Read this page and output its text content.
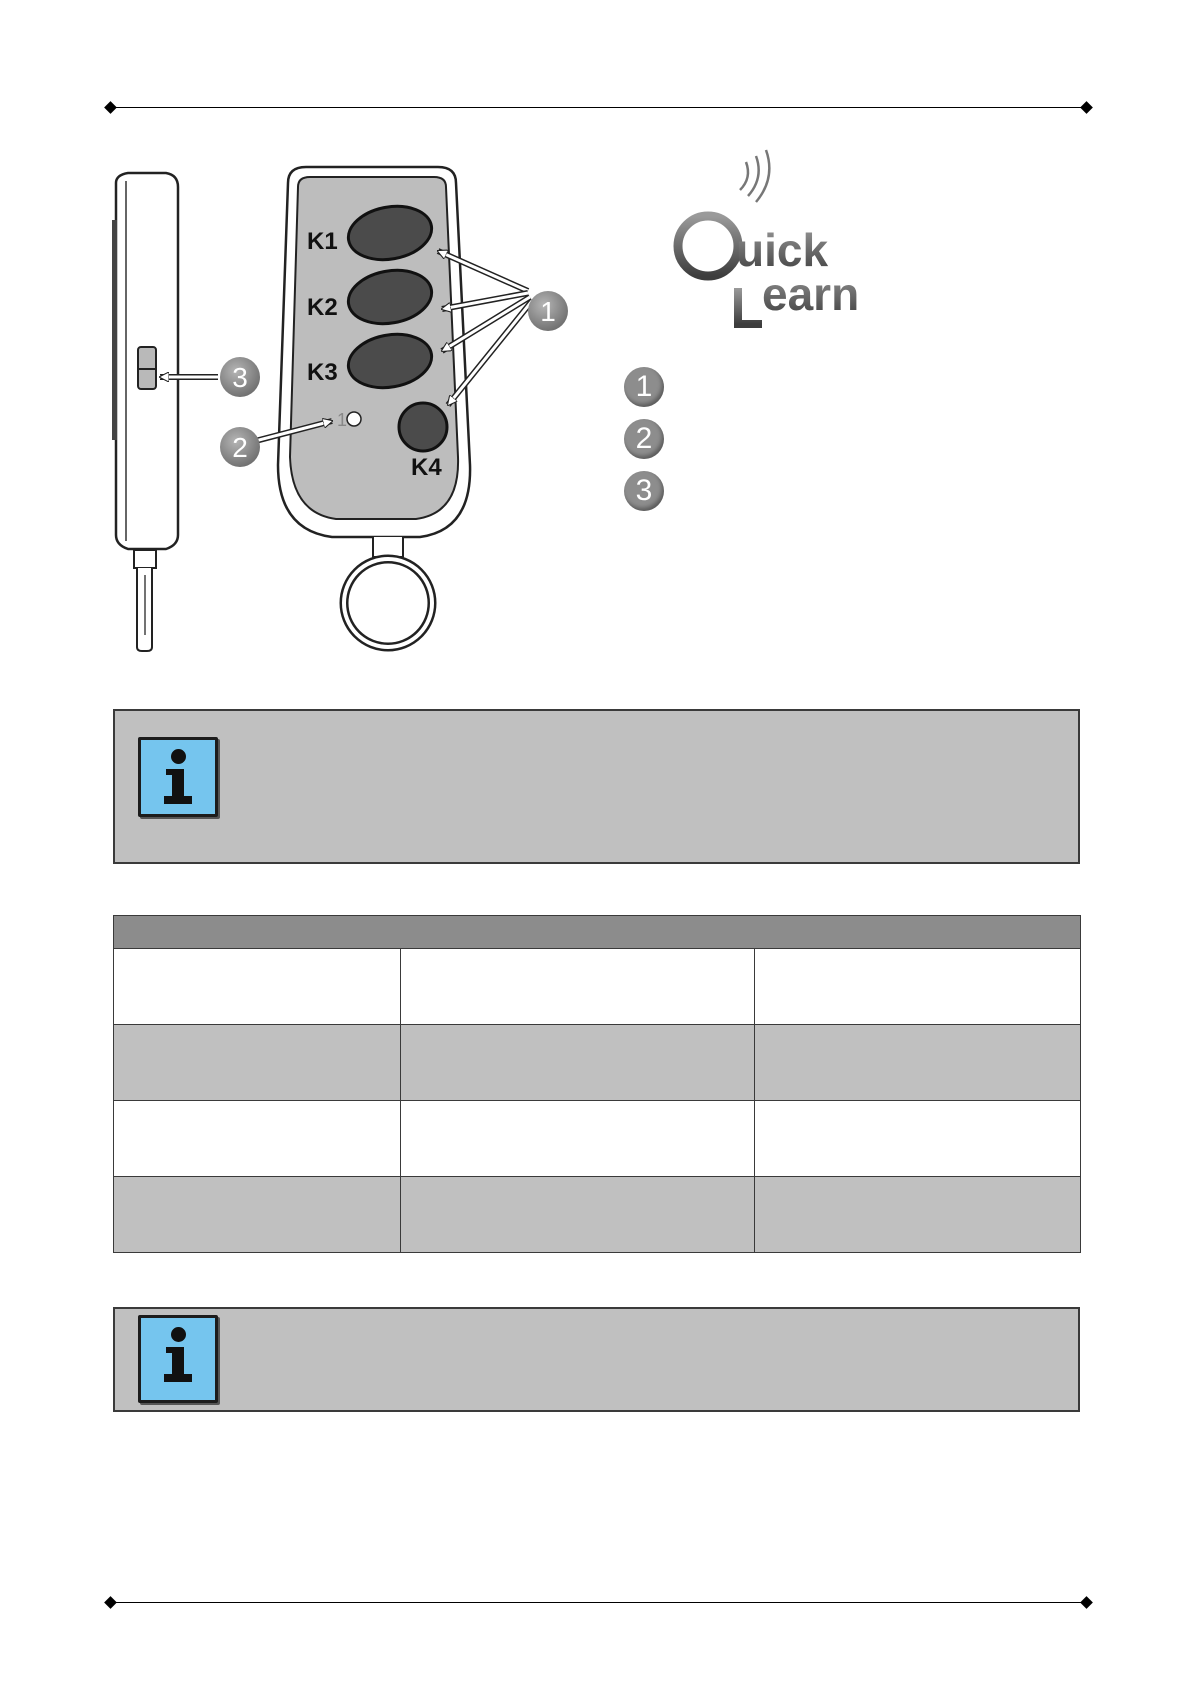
1
K1
K2
K3
K4
1
3
2
uick
earn
1
2
3
